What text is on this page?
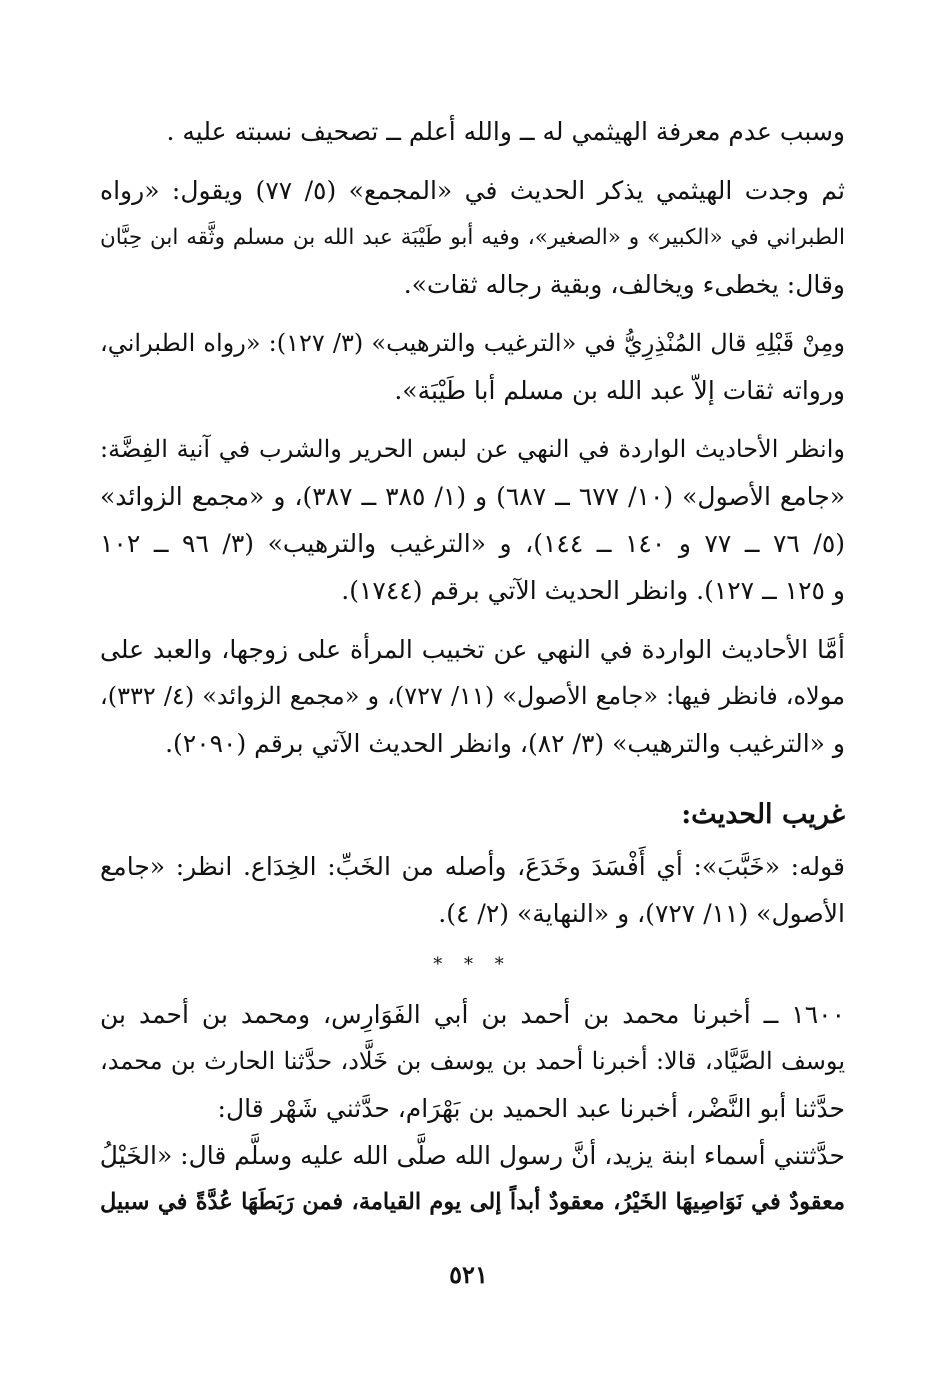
وسبب عدم معرفة الهيثمي له ــ والله أعلم ــ تصحيف نسبته عليه .

ثم وجدت الهيثمي يذكر الحديث في «المجمع» (٥/ ٧٧) ويقول: «رواه
الطبراني في «الكبير» و «الصغير»، وفيه أبو طَيْبَة عبد الله بن مسلم وثَّقه ابن حِبَّان
وقال: يخطىء ويخالف، وبقية رجاله ثقات».

ومِنْ قَبْلِهِ قال المُنْذِرِيُّ في «الترغيب والترهيب» (٣/ ١٢٧): «رواه الطبراني،
ورواته ثقات إلاّ عبد الله بن مسلم أبا طَيْبَة».

وانظر الأحاديث الواردة في النهي عن لبس الحرير والشرب في آنية الفِضَّة:
«جامع الأصول» (١٠/ ٦٧٧ ــ ٦٨٧) و (١/ ٣٨٥ ــ ٣٨٧)، و «مجمع الزوائد»
(٥/ ٧٦ ــ ٧٧ و ١٤٠ ــ ١٤٤)، و «الترغيب والترهيب» (٣/ ٩٦ ــ ١٠٢
و ١٢٥ ــ ١٢٧). وانظر الحديث الآتي برقم (١٧٤٤).

أمَّا الأحاديث الواردة في النهي عن تخبيب المرأة على زوجها، والعبد على
مولاه، فانظر فيها: «جامع الأصول» (١١/ ٧٢٧)، و «مجمع الزوائد» (٤/ ٣٣٢)،
و «الترغيب والترهيب» (٣/ ٨٢)، وانظر الحديث الآتي برقم (٢٠٩٠).

غريب الحديث:

قوله: «خَبَّبَ»: أي أَفْسَدَ وخَدَعَ، وأصله من الخَبِّ: الخِدَاع. انظر: «جامع
الأصول» (١١/ ٧٢٧)، و «النهاية» (٢/ ٤).

* * *

١٦٠٠ ــ أخبرنا محمد بن أحمد بن أبي الفَوَارِس، ومحمد بن أحمد بن
يوسف الصَّيَّاد، قالا: أخبرنا أحمد بن يوسف بن خَلَّاد، حدَّثنا الحارث بن محمد،
حدَّثنا أبو النَّضْر، أخبرنا عبد الحميد بن بَهْرَام، حدَّثني شَهْر قال:

حدَّثتني أسماء ابنة يزيد، أنَّ رسول الله صلَّى الله عليه وسلَّم قال: «الخَيْلُ
معقودٌ في نَوَاصِيهَا الخَيْرُ، معقودٌ أبداً إلى يوم القيامة، فمن رَبَطَهَا عُدَّةً في سبيل

٥٢١
